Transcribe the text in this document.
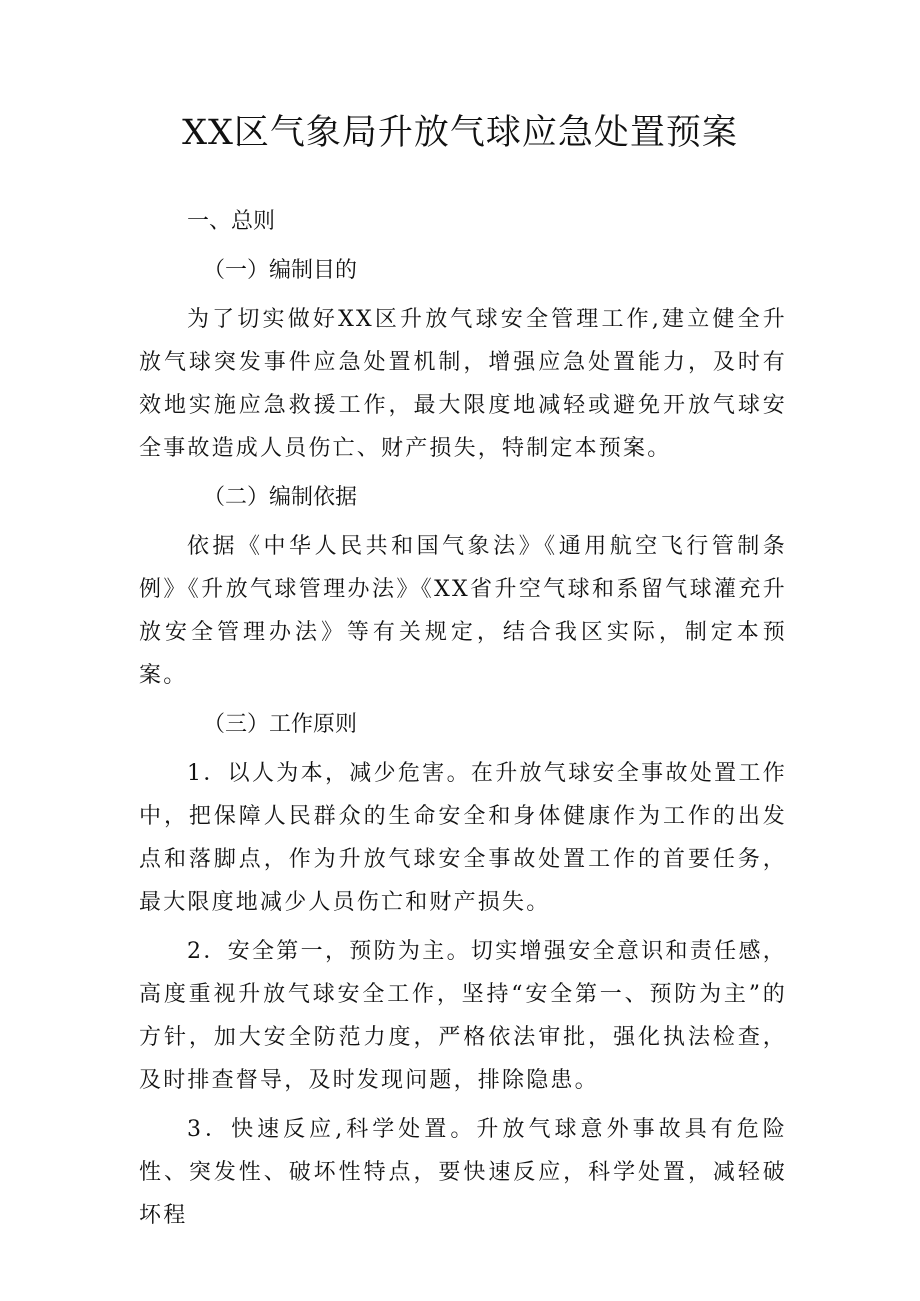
XX区气象局升放气球应急处置预案

一、总则

（一）编制目的

为了切实做好XX区升放气球安全管理工作,建立健全升放气球突发事件应急处置机制，增强应急处置能力，及时有效地实施应急救援工作，最大限度地减轻或避免开放气球安全事故造成人员伤亡、财产损失，特制定本预案。

（二）编制依据

依据《中华人民共和国气象法》《通用航空飞行管制条例》《升放气球管理办法》《XX省升空气球和系留气球灌充升放安全管理办法》等有关规定，结合我区实际，制定本预案。

（三）工作原则

1．以人为本，减少危害。在升放气球安全事故处置工作中，把保障人民群众的生命安全和身体健康作为工作的出发点和落脚点，作为升放气球安全事故处置工作的首要任务，最大限度地减少人员伤亡和财产损失。

2．安全第一，预防为主。切实增强安全意识和责任感，高度重视升放气球安全工作，坚持“安全第一、预防为主”的方针，加大安全防范力度，严格依法审批，强化执法检查，及时排查督导，及时发现问题，排除隐患。

3．快速反应,科学处置。升放气球意外事故具有危险性、突发性、破坏性特点，要快速反应，科学处置，减轻破坏程
